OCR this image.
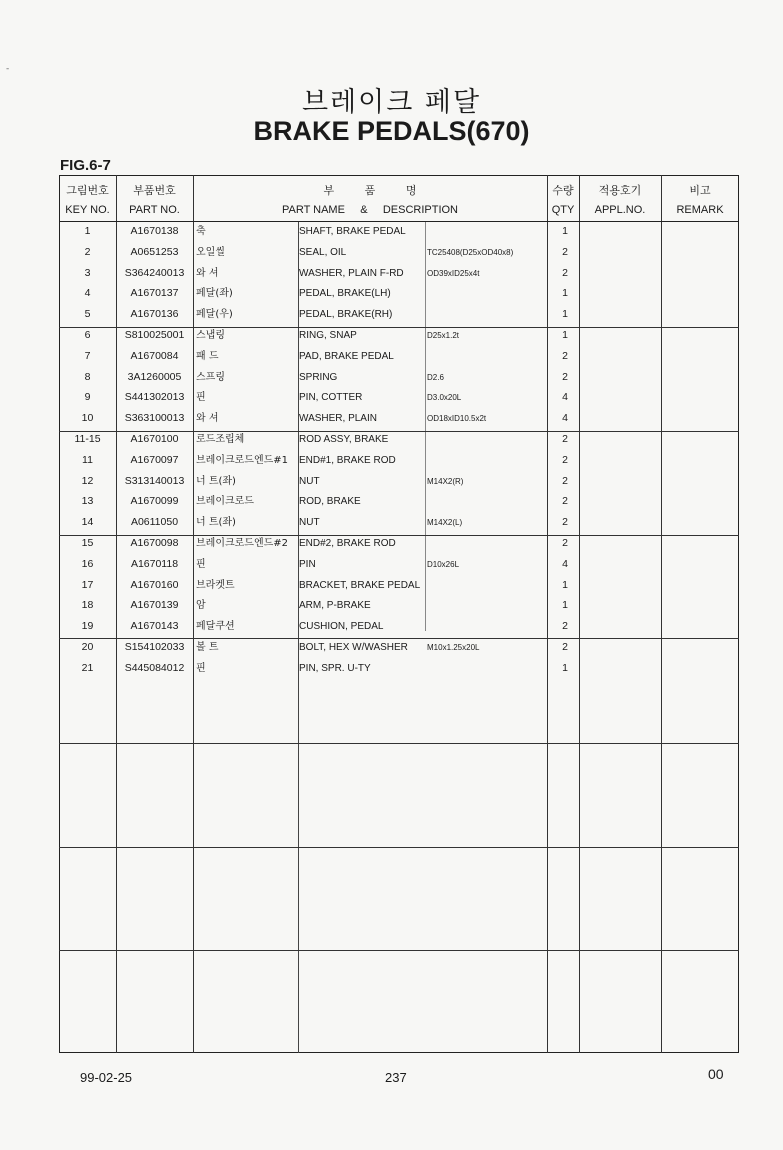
-
브레이크 페달
BRAKE PEDALS(670)
FIG.6-7
그림번호
KEY NO.
부품번호
PART NO.
부          품          명
PART NAME     &     DESCRIPTION
수량
QTY
적용호기
APPL.NO.
비고
REMARK
1	A1670138	축	SHAFT, BRAKE PEDAL	1
2	A0651253	오일씰	SEAL, OIL	TC25408(D25xOD40x8)	2
3	S364240013	와 셔	WASHER, PLAIN F-RD	OD39xID25x4t	2
4	A1670137	페달(좌)	PEDAL, BRAKE(LH)	1
5	A1670136	페달(우)	PEDAL, BRAKE(RH)	1
6	S810025001	스냅링	RING, SNAP	D25x1.2t	1
7	A1670084	패 드	PAD, BRAKE PEDAL	2
8	3A1260005	스프링	SPRING	D2.6	2
9	S441302013	핀	PIN, COTTER	D3.0x20L	4
10	S363100013	와 셔	WASHER, PLAIN	OD18xID10.5x2t	4
11-15	A1670100	로드조립체	ROD ASSY, BRAKE	2
11	A1670097	브레이크로드엔드#1	END#1, BRAKE ROD	2
12	S313140013	너 트(좌)	NUT	M14X2(R)	2
13	A1670099	브레이크로드	ROD, BRAKE	2
14	A0611050	너 트(좌)	NUT	M14X2(L)	2
15	A1670098	브레이크로드엔드#2	END#2, BRAKE ROD	2
16	A1670118	핀	PIN	D10x26L	4
17	A1670160	브라켓트	BRACKET, BRAKE PEDAL	1
18	A1670139	암	ARM, P-BRAKE	1
19	A1670143	페달쿠션	CUSHION, PEDAL	2
20	S154102033	볼 트	BOLT, HEX W/WASHER	M10x1.25x20L	2
21	S445084012	핀	PIN, SPR. U-TY	1
99-02-25	237	00
